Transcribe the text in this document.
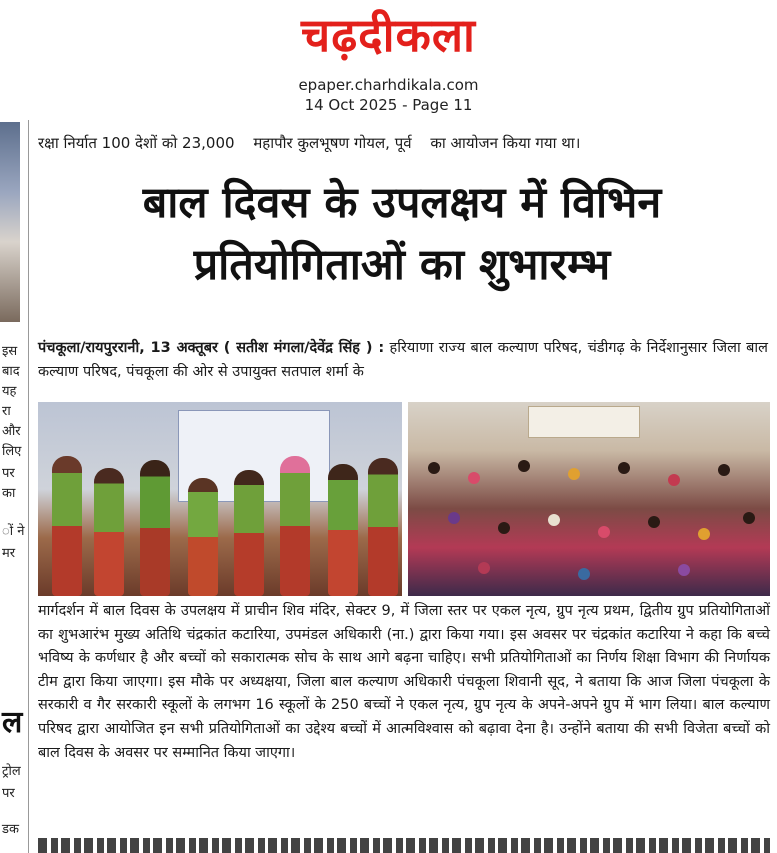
चढ़दीकला
epaper.charhdikala.com
14 Oct 2025 - Page 11
इस
बाद
यह
रा
और
लिए
पर
का
ों ने
मर
ल
ट्रोल
पर
डक
रक्षा निर्यात 100 देशों को 23,000 महापौर कुलभूषण गोयल, पूर्व का आयोजन किया गया था।
बाल दिवस के उपलक्षय में विभिन
प्रतियोगिताओं का शुभारम्भ
पंचकूला/रायपुररानी, 13 अक्तूबर ( सतीश मंगला/देवेंद्र सिंह ) : हरियाणा राज्य बाल कल्याण परिषद, चंडीगढ़ के निर्देशानुसार जिला बाल कल्याण परिषद, पंचकूला की ओर से उपायुक्त सतपाल शर्मा के
मार्गदर्शन में बाल दिवस के उपलक्षय में प्राचीन शिव मंदिर, सेक्टर 9, में जिला स्तर पर एकल नृत्य, ग्रुप नृत्य प्रथम, द्वितीय ग्रुप प्रतियोगिताओं का शुभआरंभ मुख्य अतिथि चंद्रकांत कटारिया, उपमंडल अधिकारी (ना.) द्वारा किया गया। इस अवसर पर चंद्रकांत कटारिया ने कहा कि बच्चे भविष्य के कर्णधार है और बच्चों को सकारात्मक सोच के साथ आगे बढ़ना चाहिए। सभी प्रतियोगिताओं का निर्णय शिक्षा विभाग की निर्णायक टीम द्वारा किया जाएगा। इस मौके पर अध्यक्षया, जिला बाल कल्याण अधिकारी पंचकूला शिवानी सूद, ने बताया कि आज जिला पंचकूला के सरकारी व गैर सरकारी स्कूलों के लगभग 16 स्कूलों के 250 बच्चों ने एकल नृत्य, ग्रुप नृत्य के अपने-अपने ग्रुप में भाग लिया। बाल कल्याण परिषद द्वारा आयोजित इन सभी प्रतियोगिताओं का उद्देश्य बच्चों में आत्मविश्वास को बढ़ावा देना है। उन्होंने बताया की सभी विजेता बच्चों को बाल दिवस के अवसर पर सम्मानित किया जाएगा।
